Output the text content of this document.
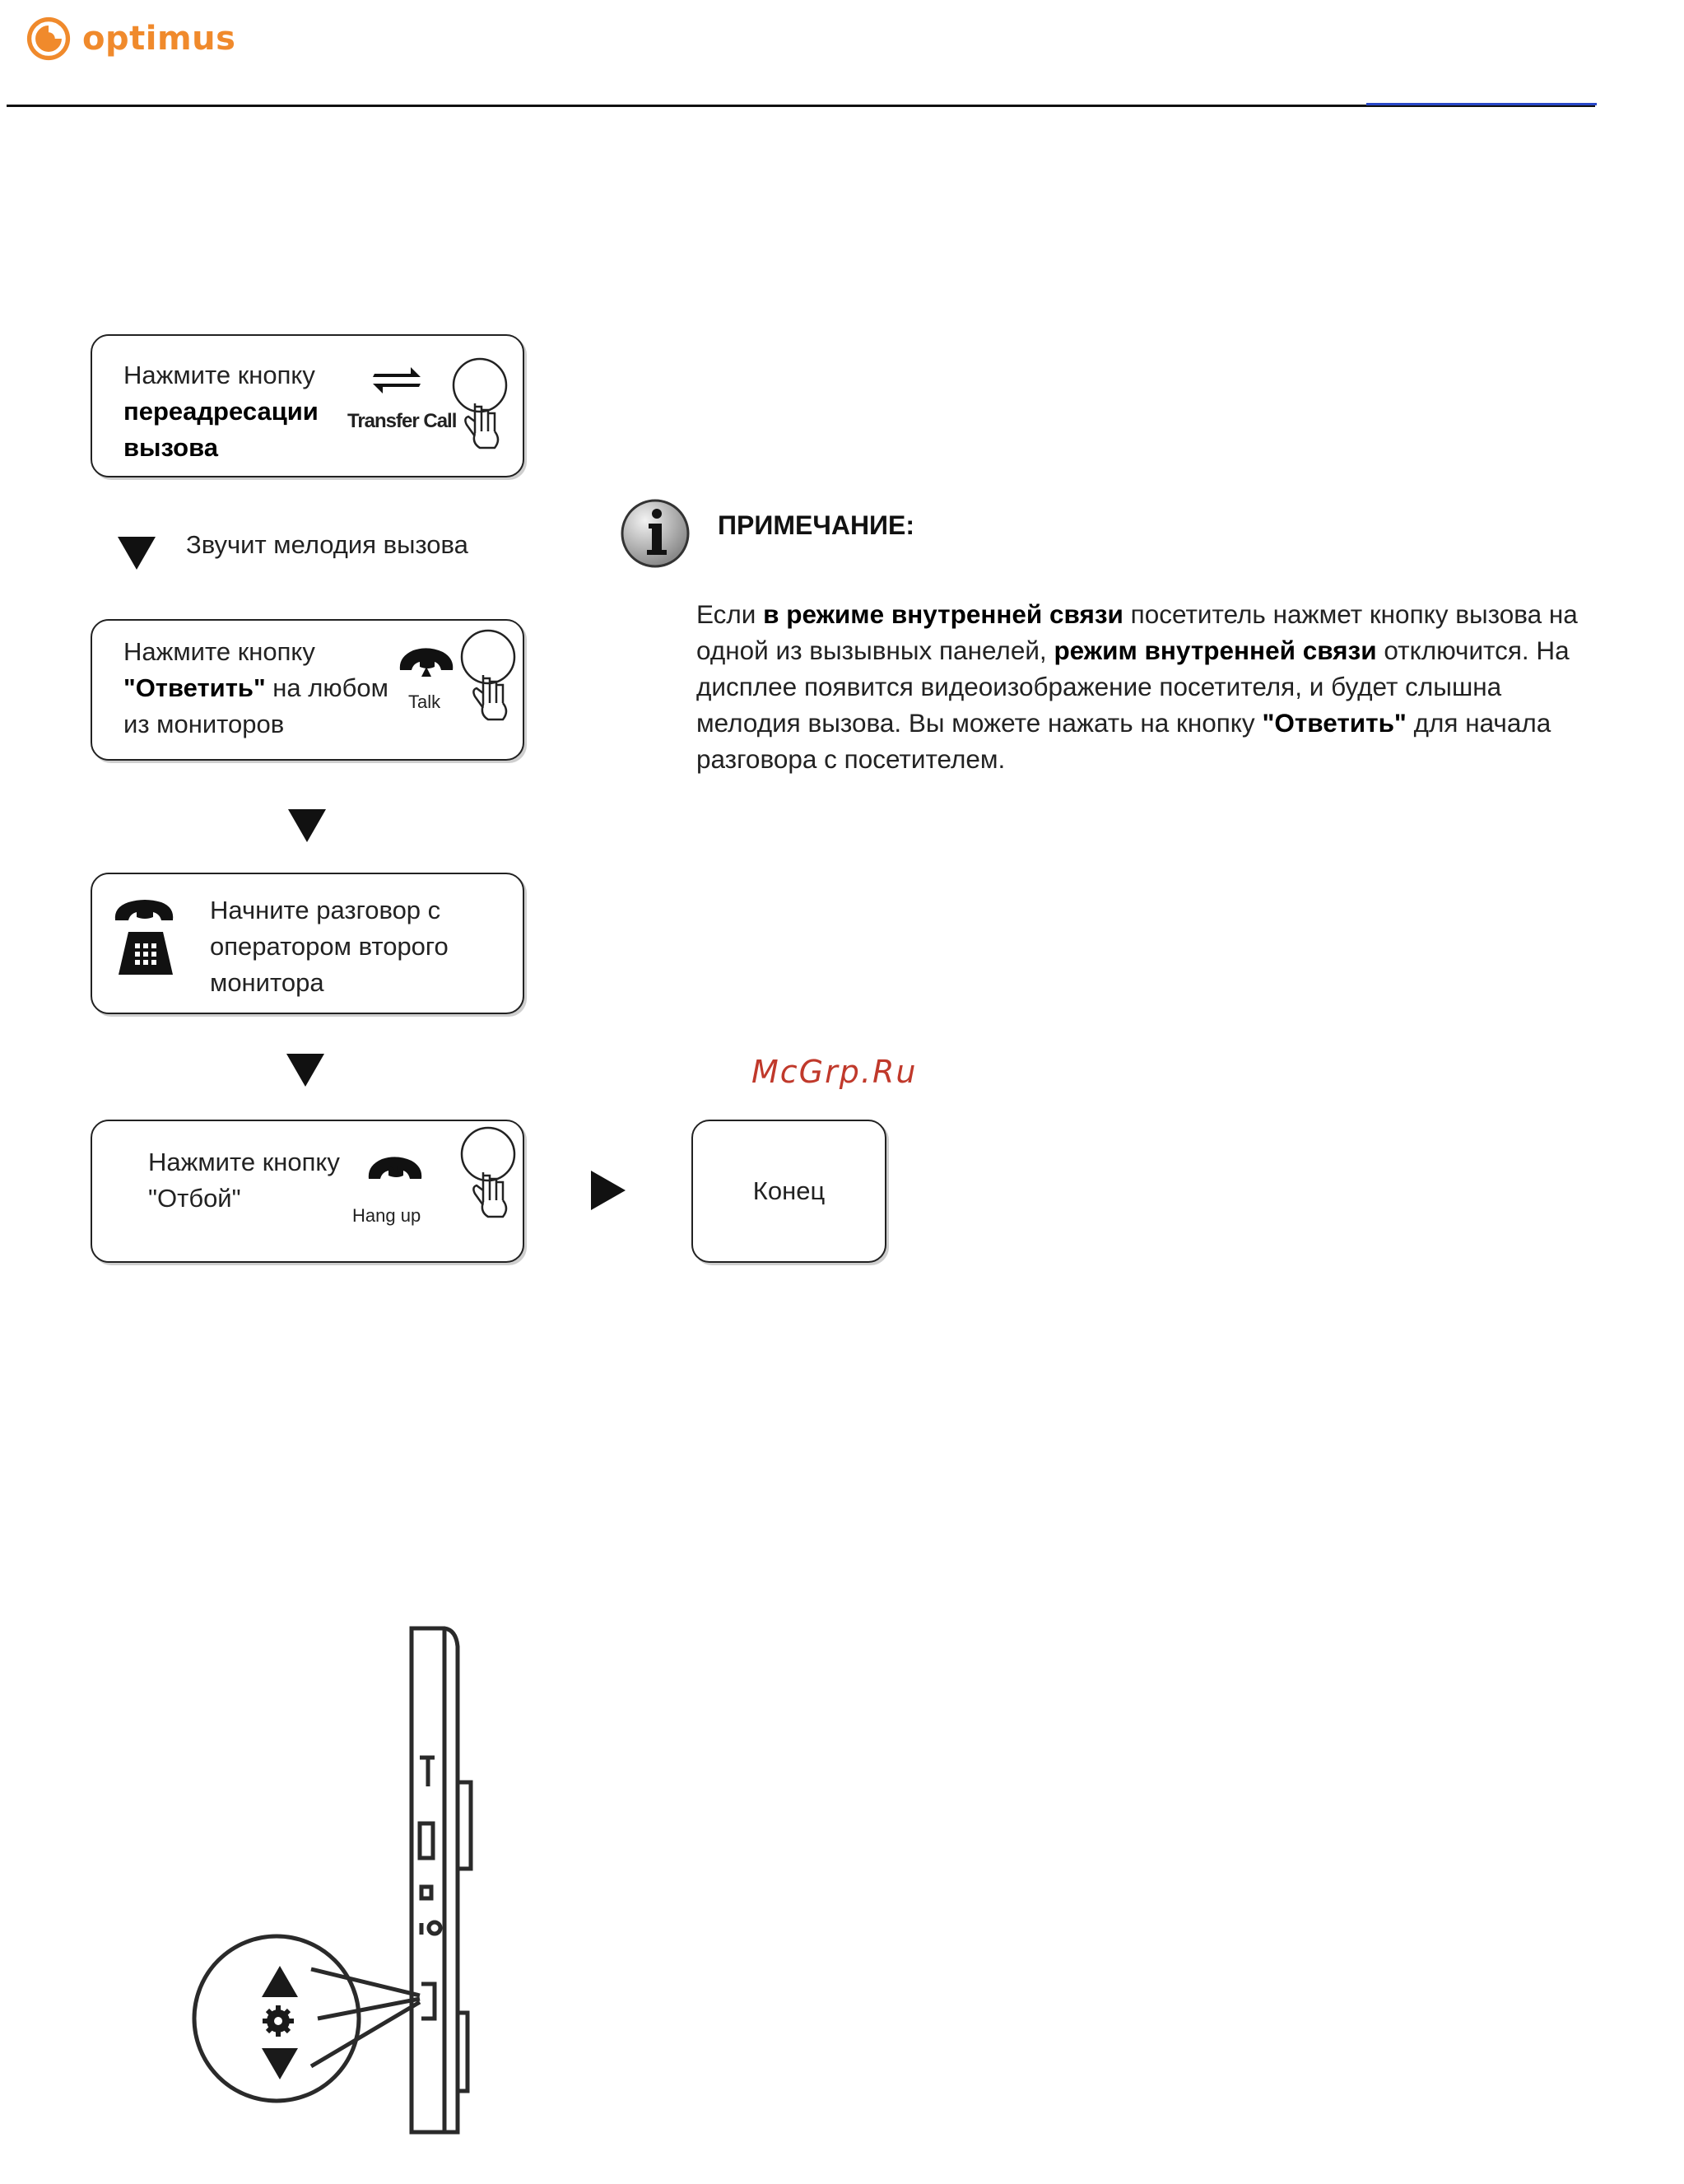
optimus
Нажмите кнопку
переадресации
вызова
Transfer Call
Звучит мелодия вызова
Нажмите кнопку
"Ответить" на любом
из мониторов
Talk
Начните разговор с
оператором второго
монитора
Нажмите кнопку
"Отбой"
Hang up
Конец
ПРИМЕЧАНИЕ:
Если в режиме внутренней связи посетитель нажмет кнопку вызова на одной из вызывных панелей, режим внутренней связи отключится. На дисплее появится видеоизображение посетителя, и будет слышна мелодия вызова. Вы можете нажать на кнопку "Ответить" для начала разговора с посетителем.
McGrp.Ru
